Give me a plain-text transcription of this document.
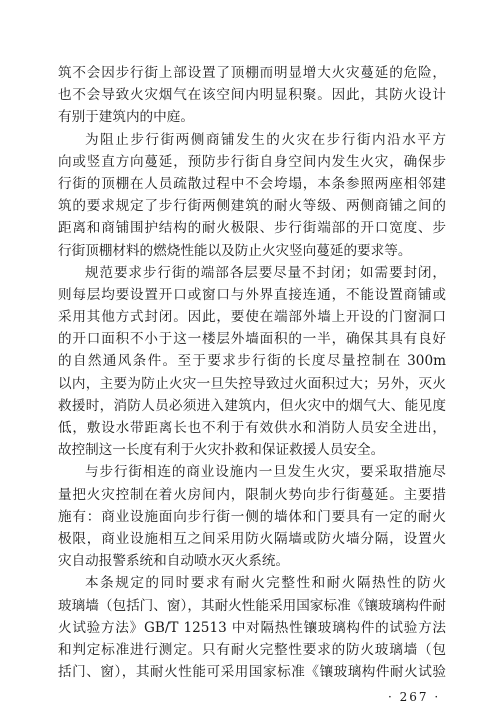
筑不会因步行街上部设置了顶棚而明显增大火灾蔓延的危险，
也不会导致火灾烟气在该空间内明显积聚。因此，其防火设计
有别于建筑内的中庭。

为阻止步行街两侧商铺发生的火灾在步行街内沿水平方
向或竖直方向蔓延，预防步行街自身空间内发生火灾，确保步
行街的顶棚在人员疏散过程中不会垮塌，本条参照两座相邻建
筑的要求规定了步行街两侧建筑的耐火等级、两侧商铺之间的
距离和商铺围护结构的耐火极限、步行街端部的开口宽度、步
行街顶棚材料的燃烧性能以及防止火灾竖向蔓延的要求等。

规范要求步行街的端部各层要尽量不封闭；如需要封闭，
则每层均要设置开口或窗口与外界直接连通，不能设置商铺或
采用其他方式封闭。因此，要使在端部外墙上开设的门窗洞口
的开口面积不小于这一楼层外墙面积的一半，确保其具有良好
的自然通风条件。至于要求步行街的长度尽量控制在 300m
以内，主要为防止火灾一旦失控导致过火面积过大；另外，灭火
救援时，消防人员必须进入建筑内，但火灾中的烟气大、能见度
低，敷设水带距离长也不利于有效供水和消防人员安全进出，
故控制这一长度有利于火灾扑救和保证救援人员安全。

与步行街相连的商业设施内一旦发生火灾，要采取措施尽
量把火灾控制在着火房间内，限制火势向步行街蔓延。主要措
施有：商业设施面向步行街一侧的墙体和门要具有一定的耐火
极限，商业设施相互之间采用防火隔墙或防火墙分隔，设置火
灾自动报警系统和自动喷水灭火系统。

本条规定的同时要求有耐火完整性和耐火隔热性的防火
玻璃墙（包括门、窗），其耐火性能采用国家标准《镶玻璃构件耐
火试验方法》GB/T 12513 中对隔热性镶玻璃构件的试验方法
和判定标准进行测定。只有耐火完整性要求的防火玻璃墙（包
括门、窗），其耐火性能可采用国家标准《镶玻璃构件耐火试验

· 267 ·
